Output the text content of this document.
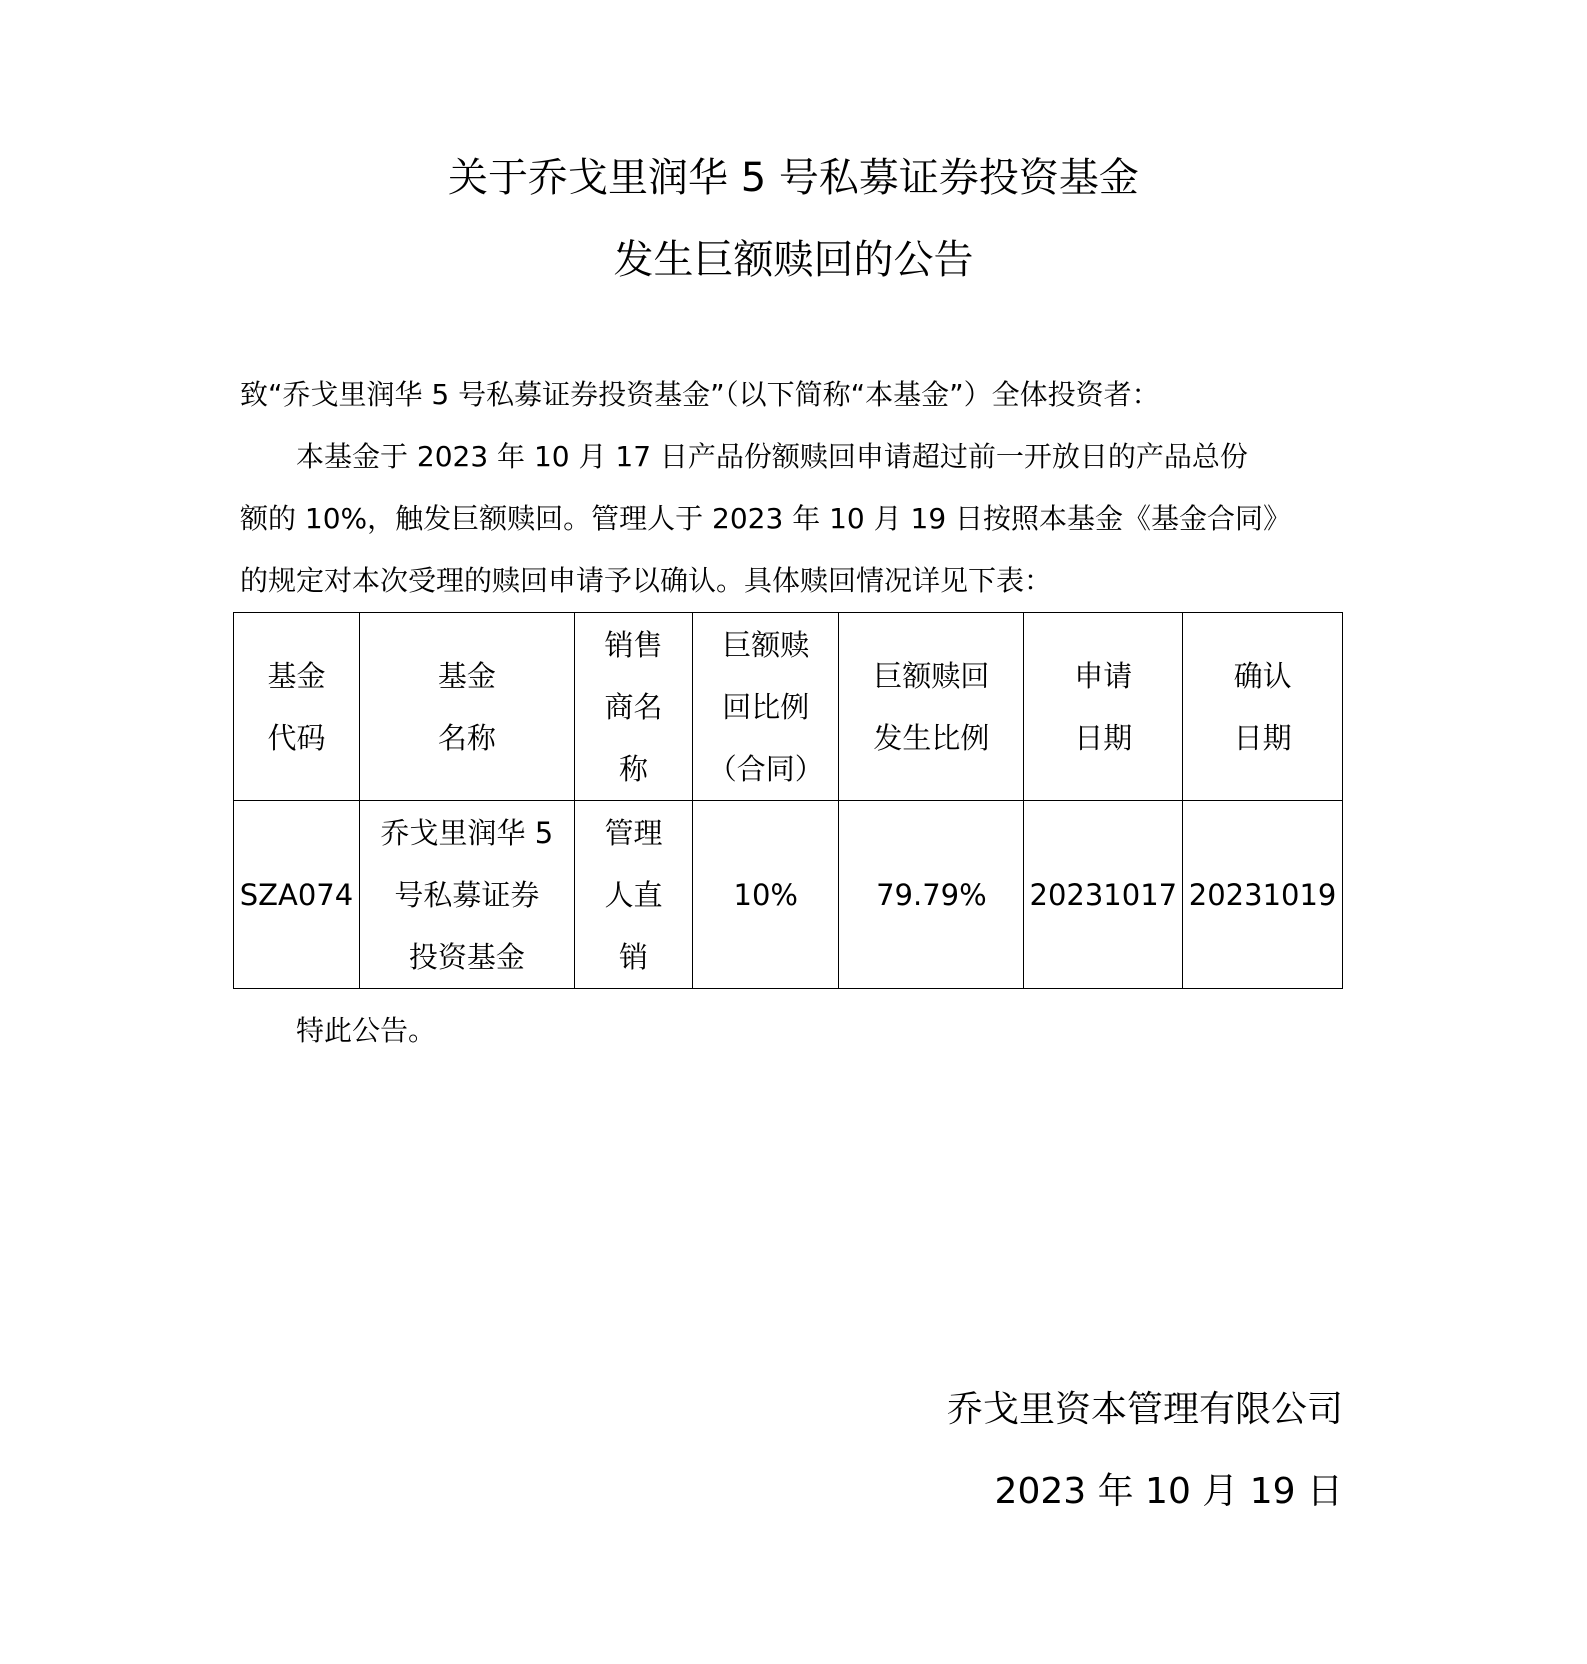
关于乔戈里润华 5 号私募证券投资基金
发生巨额赎回的公告

致“乔戈里润华 5 号私募证券投资基金”（以下简称“本基金”）全体投资者：

本基金于 2023 年 10 月 17 日产品份额赎回申请超过前一开放日的产品总份

额的 10%，触发巨额赎回。管理人于 2023 年 10 月 19 日按照本基金《基金合同》

的规定对本次受理的赎回申请予以确认。具体赎回情况详见下表：

基金
代码	基金
名称	销售
商名
称	巨额赎
回比例
（合同）	巨额赎回
发生比例	申请
日期	确认
日期

SZA074	乔戈里润华 5
号私募证券
投资基金	管理
人直
销	10%	79.79%	20231017	20231019

特此公告。

乔戈里资本管理有限公司

2023 年 10 月 19 日
